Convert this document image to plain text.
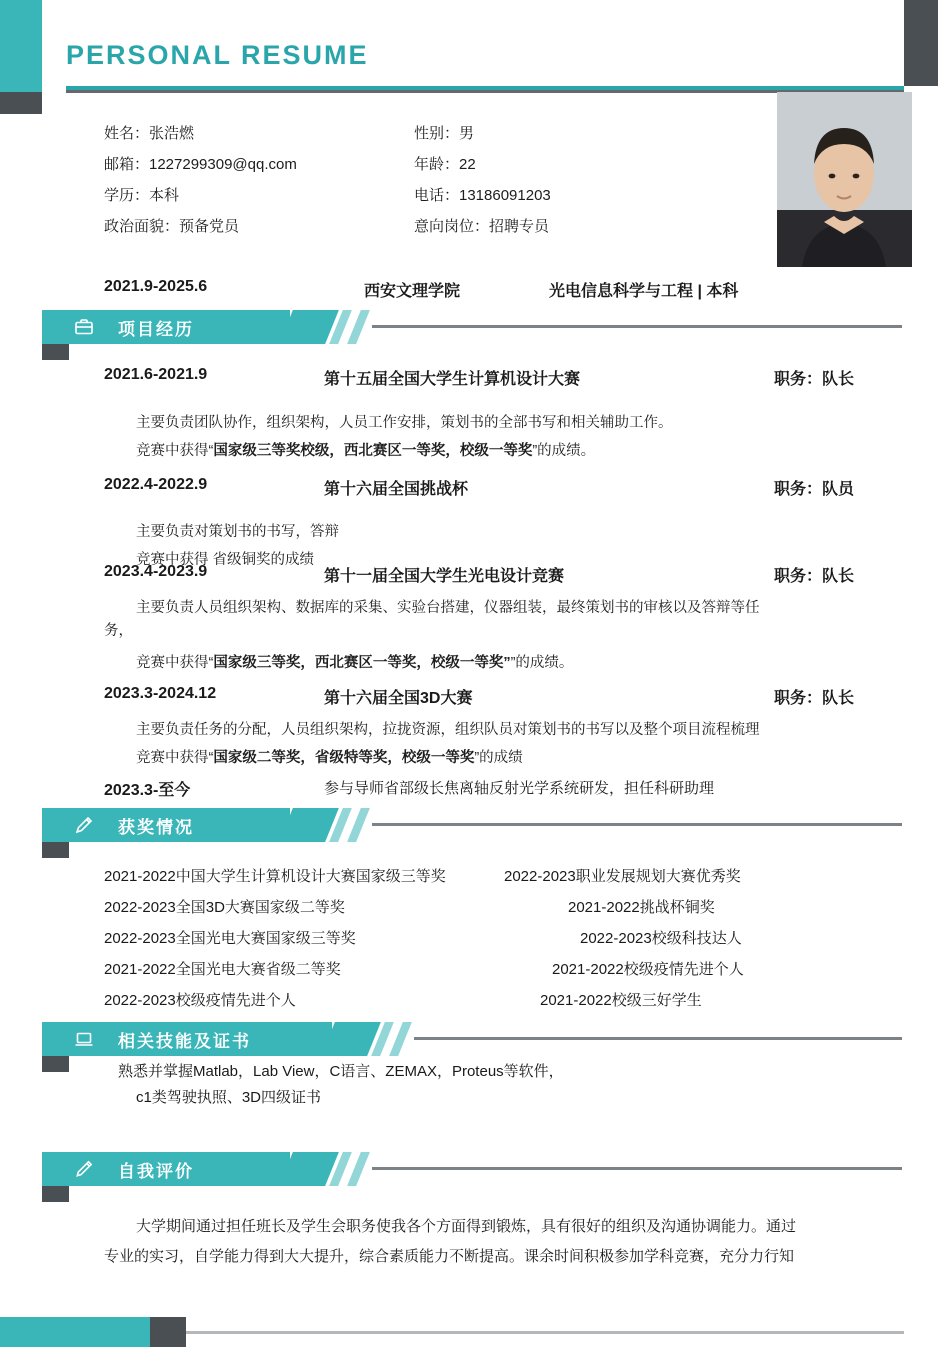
PERSONAL RESUME
姓名：张浩燃	性别：男
邮箱：1227299309@qq.com	年龄：22
学历：本科	电话：13186091203
政治面貌：预备党员	意向岗位：招聘专员
2021.9-2025.6	西安文理学院	光电信息科学与工程 | 本科
项目经历
2021.6-2021.9	第十五届全国大学生计算机设计大赛	职务：队长
主要负责团队协作，组织架构，人员工作安排，策划书的全部书写和相关辅助工作。
竞赛中获得“国家级三等奖校级，西北赛区一等奖，校级一等奖”的成绩。
2022.4-2022.9	第十六届全国挑战杯	职务：队员
主要负责对策划书的书写，答辩
竞赛中获得 省级铜奖的成绩
2023.4-2023.9	第十一届全国大学生光电设计竞赛	职务：队长
主要负责人员组织架构、数据库的采集、实验台搭建，仪器组装，最终策划书的审核以及答辩等任
务，
竞赛中获得“国家级三等奖，西北赛区一等奖，校级一等奖””的成绩。
2023.3-2024.12	第十六届全国3D大赛	职务：队长
主要负责任务的分配，人员组织架构，拉拢资源，组织队员对策划书的书写以及整个项目流程梳理
竞赛中获得“国家级二等奖，省级特等奖，校级一等奖”的成绩
2023.3-至今	参与导师省部级长焦离轴反射光学系统研发，担任科研助理
获奖情况
2021-2022中国大学生计算机设计大赛国家级三等奖	2022-2023职业发展规划大赛优秀奖
2022-2023全国3D大赛国家级二等奖	2021-2022挑战杯铜奖
2022-2023全国光电大赛国家级三等奖	2022-2023校级科技达人
2021-2022全国光电大赛省级二等奖	2021-2022校级疫情先进个人
2022-2023校级疫情先进个人	2021-2022校级三好学生
相关技能及证书
熟悉并掌握Matlab，Lab View，C语言、ZEMAX，Proteus等软件，
c1类驾驶执照、3D四级证书
自我评价

大学期间通过担任班长及学生会职务使我各个方面得到锻炼，具有很好的组织及沟通协调能力。通过

专业的实习，自学能力得到大大提升，综合素质能力不断提高。课余时间积极参加学科竞赛，充分力行知
